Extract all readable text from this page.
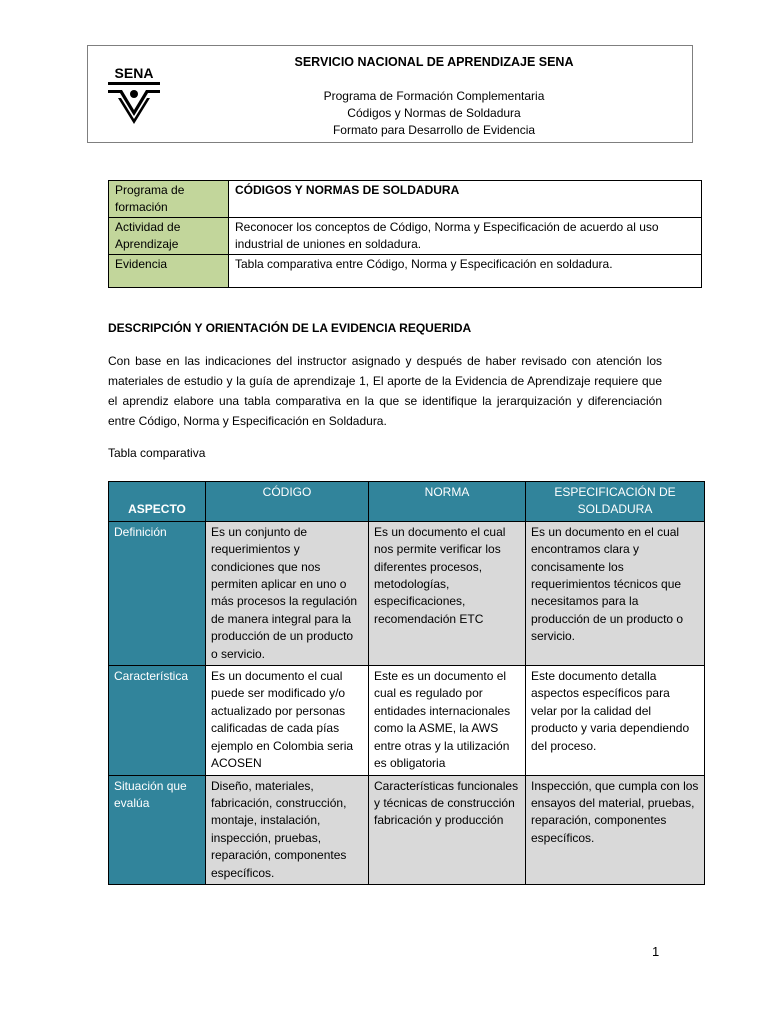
SENA
SERVICIO NACIONAL DE APRENDIZAJE SENA
Programa de Formación Complementaria
Códigos y Normas de Soldadura
Formato para Desarrollo de Evidencia
Programa de formación	CÓDIGOS Y NORMAS DE SOLDADURA
Actividad de Aprendizaje	Reconocer los conceptos de Código, Norma y Especificación de acuerdo al uso industrial de uniones en soldadura.
Evidencia	Tabla comparativa entre Código, Norma y Especificación en soldadura.
DESCRIPCIÓN Y ORIENTACIÓN DE LA EVIDENCIA REQUERIDA

Con base en las indicaciones del instructor asignado y después de haber revisado con atención los materiales de estudio y la guía de aprendizaje 1, El aporte de la Evidencia de Aprendizaje requiere que el aprendiz elabore una tabla comparativa en la que se identifique la jerarquización y diferenciación entre Código, Norma y Especificación en Soldadura.

Tabla comparativa
ASPECTO	CÓDIGO	NORMA	ESPECIFICACIÓN DE SOLDADURA
Definición	Es un conjunto de requerimientos y condiciones que nos permiten aplicar en uno o más procesos la regulación de manera integral para la producción de un producto o servicio.	Es un documento el cual nos permite verificar los diferentes procesos, metodologías, especificaciones, recomendación ETC	Es un documento en el cual encontramos clara y concisamente los requerimientos técnicos que necesitamos para la producción de un producto o servicio.
Característica	Es un documento el cual puede ser modificado y/o actualizado por personas calificadas de cada pías ejemplo en Colombia seria ACOSEN	Este es un documento el cual es regulado por entidades internacionales como la ASME, la AWS entre otras y la utilización es obligatoria	Este documento detalla aspectos específicos para velar por la calidad del producto y varia dependiendo del proceso.
Situación que evalúa	Diseño, materiales, fabricación, construcción, montaje, instalación, inspección, pruebas, reparación, componentes específicos.	Características funcionales y técnicas de construcción fabricación y producción	Inspección, que cumpla con los ensayos del material, pruebas, reparación, componentes específicos.
1
